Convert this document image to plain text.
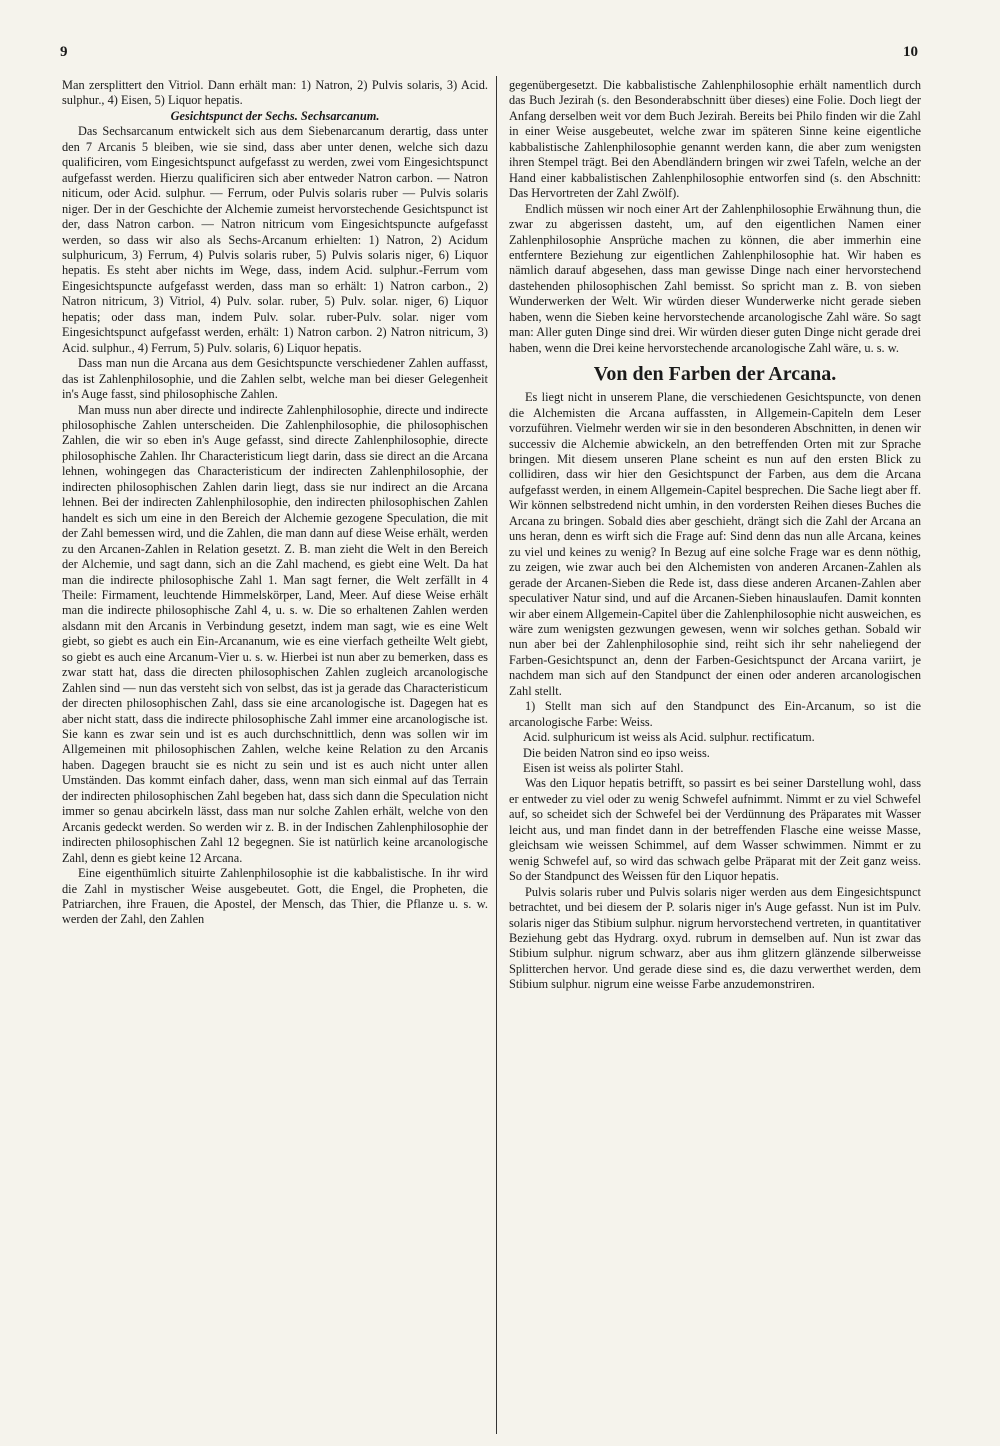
9	10

Man zersplittert den Vitriol. Dann erhält man: 1) Natron, 2) Pulvis solaris, 3) Acid. sulphur., 4) Eisen, 5) Liquor hepatis.

Gesichtspunct der Sechs. Sechsarcanum.

Das Sechsarcanum entwickelt sich aus dem Siebenarcanum derartig, dass unter den 7 Arcanis 5 bleiben, wie sie sind, dass aber unter denen, welche sich dazu qualificiren, vom Eingesichtspunct aufgefasst zu werden, zwei vom Eingesichtspunct aufgefasst werden. Hierzu qualificiren sich aber entweder Natron carbon. — Natron niticum, oder Acid. sulphur. — Ferrum, oder Pulvis solaris ruber — Pulvis solaris niger. Der in der Geschichte der Alchemie zumeist hervorstechende Gesichtspunct ist der, dass Natron carbon. — Natron nitricum vom Eingesichtspuncte aufgefasst werden, so dass wir also als Sechs-Arcanum erhielten: 1) Natron, 2) Acidum sulphuricum, 3) Ferrum, 4) Pulvis solaris ruber, 5) Pulvis solaris niger, 6) Liquor hepatis. Es steht aber nichts im Wege, dass, indem Acid. sulphur.-Ferrum vom Eingesichtspuncte aufgefasst werden, dass man so erhält: 1) Natron carbon., 2) Natron nitricum, 3) Vitriol, 4) Pulv. solar. ruber, 5) Pulv. solar. niger, 6) Liquor hepatis; oder dass man, indem Pulv. solar. ruber-Pulv. solar. niger vom Eingesichtspunct aufgefasst werden, erhält: 1) Natron carbon. 2) Natron nitricum, 3) Acid. sulphur., 4) Ferrum, 5) Pulv. solaris, 6) Liquor hepatis.

Dass man nun die Arcana aus dem Gesichtspuncte verschiedener Zahlen auffasst, das ist Zahlenphilosophie, und die Zahlen selbt, welche man bei dieser Gelegenheit in's Auge fasst, sind philosophische Zahlen.

Man muss nun aber directe und indirecte Zahlenphilosophie, directe und indirecte philosophische Zahlen unterscheiden. Die Zahlenphilosophie, die philosophischen Zahlen, die wir so eben in's Auge gefasst, sind directe Zahlenphilosophie, directe philosophische Zahlen. Ihr Characteristicum liegt darin, dass sie direct an die Arcana lehnen, wohingegen das Characteristicum der indirecten Zahlenphilosophie, der indirecten philosophischen Zahlen darin liegt, dass sie nur indirect an die Arcana lehnen. Bei der indirecten Zahlenphilosophie, den indirecten philosophischen Zahlen handelt es sich um eine in den Bereich der Alchemie gezogene Speculation, die mit der Zahl bemessen wird, und die Zahlen, die man dann auf diese Weise erhält, werden zu den Arcanen-Zahlen in Relation gesetzt. Z. B. man zieht die Welt in den Bereich der Alchemie, und sagt dann, sich an die Zahl machend, es giebt eine Welt. Da hat man die indirecte philosophische Zahl 1. Man sagt ferner, die Welt zerfällt in 4 Theile: Firmament, leuchtende Himmelskörper, Land, Meer. Auf diese Weise erhält man die indirecte philosophische Zahl 4, u. s. w. Die so erhaltenen Zahlen werden alsdann mit den Arcanis in Verbindung gesetzt, indem man sagt, wie es eine Welt giebt, so giebt es auch ein Ein-Arcananum, wie es eine vierfach getheilte Welt giebt, so giebt es auch eine Arcanum-Vier u. s. w. Hierbei ist nun aber zu bemerken, dass es zwar statt hat, dass die directen philosophischen Zahlen zugleich arcanologische Zahlen sind — nun das versteht sich von selbst, das ist ja gerade das Characteristicum der directen philosophischen Zahl, dass sie eine arcanologische ist. Dagegen hat es aber nicht statt, dass die indirecte philosophische Zahl immer eine arcanologische ist. Sie kann es zwar sein und ist es auch durchschnittlich, denn was sollen wir im Allgemeinen mit philosophischen Zahlen, welche keine Relation zu den Arcanis haben. Dagegen braucht sie es nicht zu sein und ist es auch nicht unter allen Umständen. Das kommt einfach daher, dass, wenn man sich einmal auf das Terrain der indirecten philosophischen Zahl begeben hat, dass sich dann die Speculation nicht immer so genau abcirkeln lässt, dass man nur solche Zahlen erhält, welche von den Arcanis gedeckt werden. So werden wir z. B. in der Indischen Zahlenphilosophie der indirecten philosophischen Zahl 12 begegnen. Sie ist natürlich keine arcanologische Zahl, denn es giebt keine 12 Arcana.

Eine eigenthümlich situirte Zahlenphilosophie ist die kabbalistische. In ihr wird die Zahl in mystischer Weise ausgebeutet. Gott, die Engel, die Propheten, die Patriarchen, ihre Frauen, die Apostel, der Mensch, das Thier, die Pflanze u. s. w. werden der Zahl, den Zahlen

gegenübergesetzt. Die kabbalistische Zahlenphilosophie erhält namentlich durch das Buch Jezirah (s. den Besonderabschnitt über dieses) eine Folie. Doch liegt der Anfang derselben weit vor dem Buch Jezirah. Bereits bei Philo finden wir die Zahl in einer Weise ausgebeutet, welche zwar im späteren Sinne keine eigentliche kabbalistische Zahlenphilosophie genannt werden kann, die aber zum wenigsten ihren Stempel trägt. Bei den Abendländern bringen wir zwei Tafeln, welche an der Hand einer kabbalistischen Zahlenphilosophie entworfen sind (s. den Abschnitt: Das Hervortreten der Zahl Zwölf).

Endlich müssen wir noch einer Art der Zahlenphilosophie Erwähnung thun, die zwar zu abgerissen dasteht, um, auf den eigentlichen Namen einer Zahlenphilosophie Ansprüche machen zu können, die aber immerhin eine entferntere Beziehung zur eigentlichen Zahlenphilosophie hat. Wir haben es nämlich darauf abgesehen, dass man gewisse Dinge nach einer hervorstechend dastehenden philosophischen Zahl bemisst. So spricht man z. B. von sieben Wunderwerken der Welt. Wir würden dieser Wunderwerke nicht gerade sieben haben, wenn die Sieben keine hervorstechende arcanologische Zahl wäre. So sagt man: Aller guten Dinge sind drei. Wir würden dieser guten Dinge nicht gerade drei haben, wenn die Drei keine hervorstechende arcanologische Zahl wäre, u. s. w.

Von den Farben der Arcana.

Es liegt nicht in unserem Plane, die verschiedenen Gesichtspuncte, von denen die Alchemisten die Arcana auffassten, in Allgemein-Capiteln dem Leser vorzuführen. Vielmehr werden wir sie in den besonderen Abschnitten, in denen wir successiv die Alchemie abwickeln, an den betreffenden Orten mit zur Sprache bringen. Mit diesem unseren Plane scheint es nun auf den ersten Blick zu collidiren, dass wir hier den Gesichtspunct der Farben, aus dem die Arcana aufgefasst werden, in einem Allgemein-Capitel besprechen. Die Sache liegt aber ff. Wir können selbstredend nicht umhin, in den vordersten Reihen dieses Buches die Arcana zu bringen. Sobald dies aber geschieht, drängt sich die Zahl der Arcana an uns heran, denn es wirft sich die Frage auf: Sind denn das nun alle Arcana, keines zu viel und keines zu wenig? In Bezug auf eine solche Frage war es denn nöthig, zu zeigen, wie zwar auch bei den Alchemisten von anderen Arcanen-Zahlen als gerade der Arcanen-Sieben die Rede ist, dass diese anderen Arcanen-Zahlen aber speculativer Natur sind, und auf die Arcanen-Sieben hinauslaufen. Damit konnten wir aber einem Allgemein-Capitel über die Zahlenphilosophie nicht ausweichen, es wäre zum wenigsten gezwungen gewesen, wenn wir solches gethan. Sobald wir nun aber bei der Zahlenphilosophie sind, reiht sich ihr sehr naheliegend der Farben-Gesichtspunct an, denn der Farben-Gesichtspunct der Arcana variirt, je nachdem man sich auf den Standpunct der einen oder anderen arcanologischen Zahl stellt.

1) Stellt man sich auf den Standpunct des Ein-Arcanum, so ist die arcanologische Farbe: Weiss.

Acid. sulphuricum ist weiss als Acid. sulphur. rectificatum.

Die beiden Natron sind eo ipso weiss.

Eisen ist weiss als polirter Stahl.

Was den Liquor hepatis betrifft, so passirt es bei seiner Darstellung wohl, dass er entweder zu viel oder zu wenig Schwefel aufnimmt. Nimmt er zu viel Schwefel auf, so scheidet sich der Schwefel bei der Verdünnung des Präparates mit Wasser leicht aus, und man findet dann in der betreffenden Flasche eine weisse Masse, gleichsam wie weissen Schimmel, auf dem Wasser schwimmen. Nimmt er zu wenig Schwefel auf, so wird das schwach gelbe Präparat mit der Zeit ganz weiss. So der Standpunct des Weissen für den Liquor hepatis.

Pulvis solaris ruber und Pulvis solaris niger werden aus dem Eingesichtspunct betrachtet, und bei diesem der P. solaris niger in's Auge gefasst. Nun ist im Pulv. solaris niger das Stibium sulphur. nigrum hervorstechend vertreten, in quantitativer Beziehung gebt das Hydrarg. oxyd. rubrum in demselben auf. Nun ist zwar das Stibium sulphur. nigrum schwarz, aber aus ihm glitzern glänzende silberweisse Splitterchen hervor. Und gerade diese sind es, die dazu verwerthet werden, dem Stibium sulphur. nigrum eine weisse Farbe anzudemonstriren.
